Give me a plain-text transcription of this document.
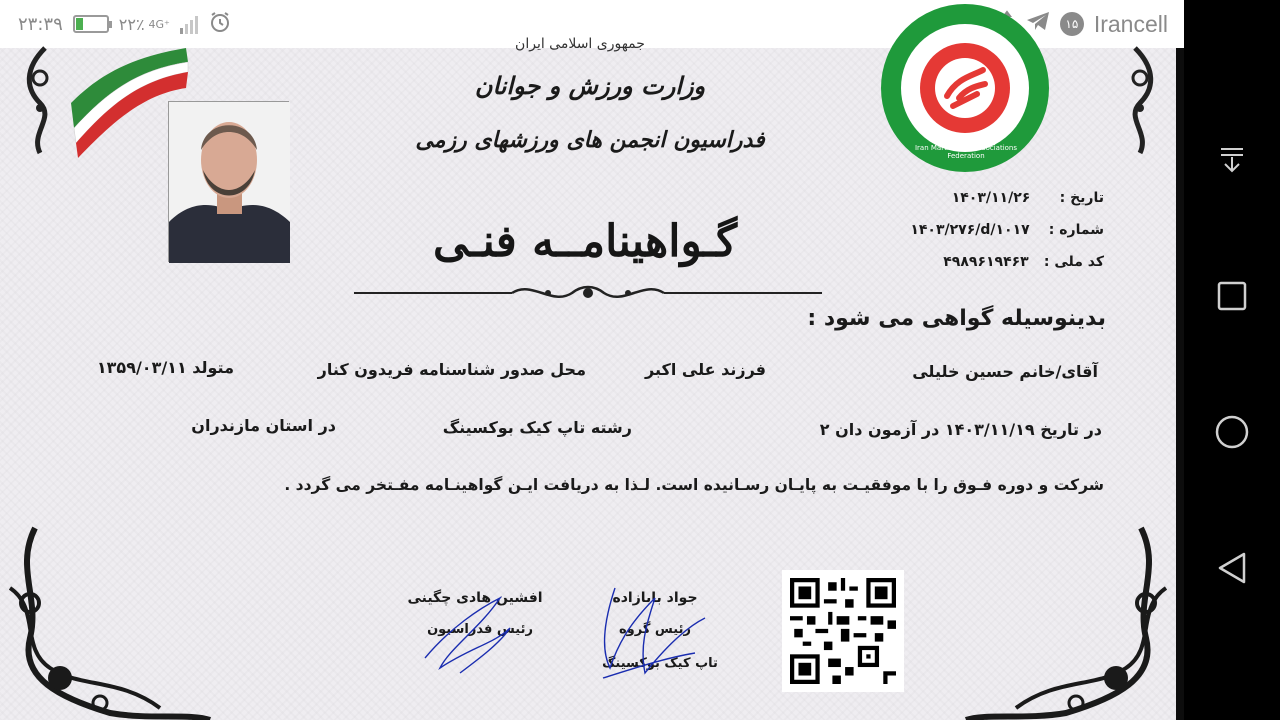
۲۳:۳۹	۲۲٪ 4G⁺	۱۵ Irancell
جمهوری اسلامی ایران
وزارت ورزش و جوانان
فدراسیون انجمن های ورزشهای رزمی	Iran Martial Arts Associations Federation
گـواهینامــه فنـی
تاریخ :
۱۴۰۳/۱۱/۲۶
شماره :
۱۴۰۳/۲۷۶/d/۱۰۱۷
کد ملی :
۴۹۸۹۶۱۹۴۶۳
بدینوسیله گواهی می شود :
آقای/خانم حسین خلیلی
فرزند علی اکبر
محل صدور شناسنامه فریدون کنار
متولد ۱۳۵۹/۰۳/۱۱
در تاریخ ۱۴۰۳/۱۱/۱۹ در آزمون دان ۲
رشته تاپ کیک بوکسینگ
در استان مازندران
شرکت و دوره فـوق را با موفقیـت به پایـان رسـانیده است. لـذا به دریافت ایـن گواهینـامه مفـتخر می گردد .
افشین هادی چگینی
رئیس فدراسیون
جواد بابازاده
رئیس گروه
تاپ کیک بوکسینگ
